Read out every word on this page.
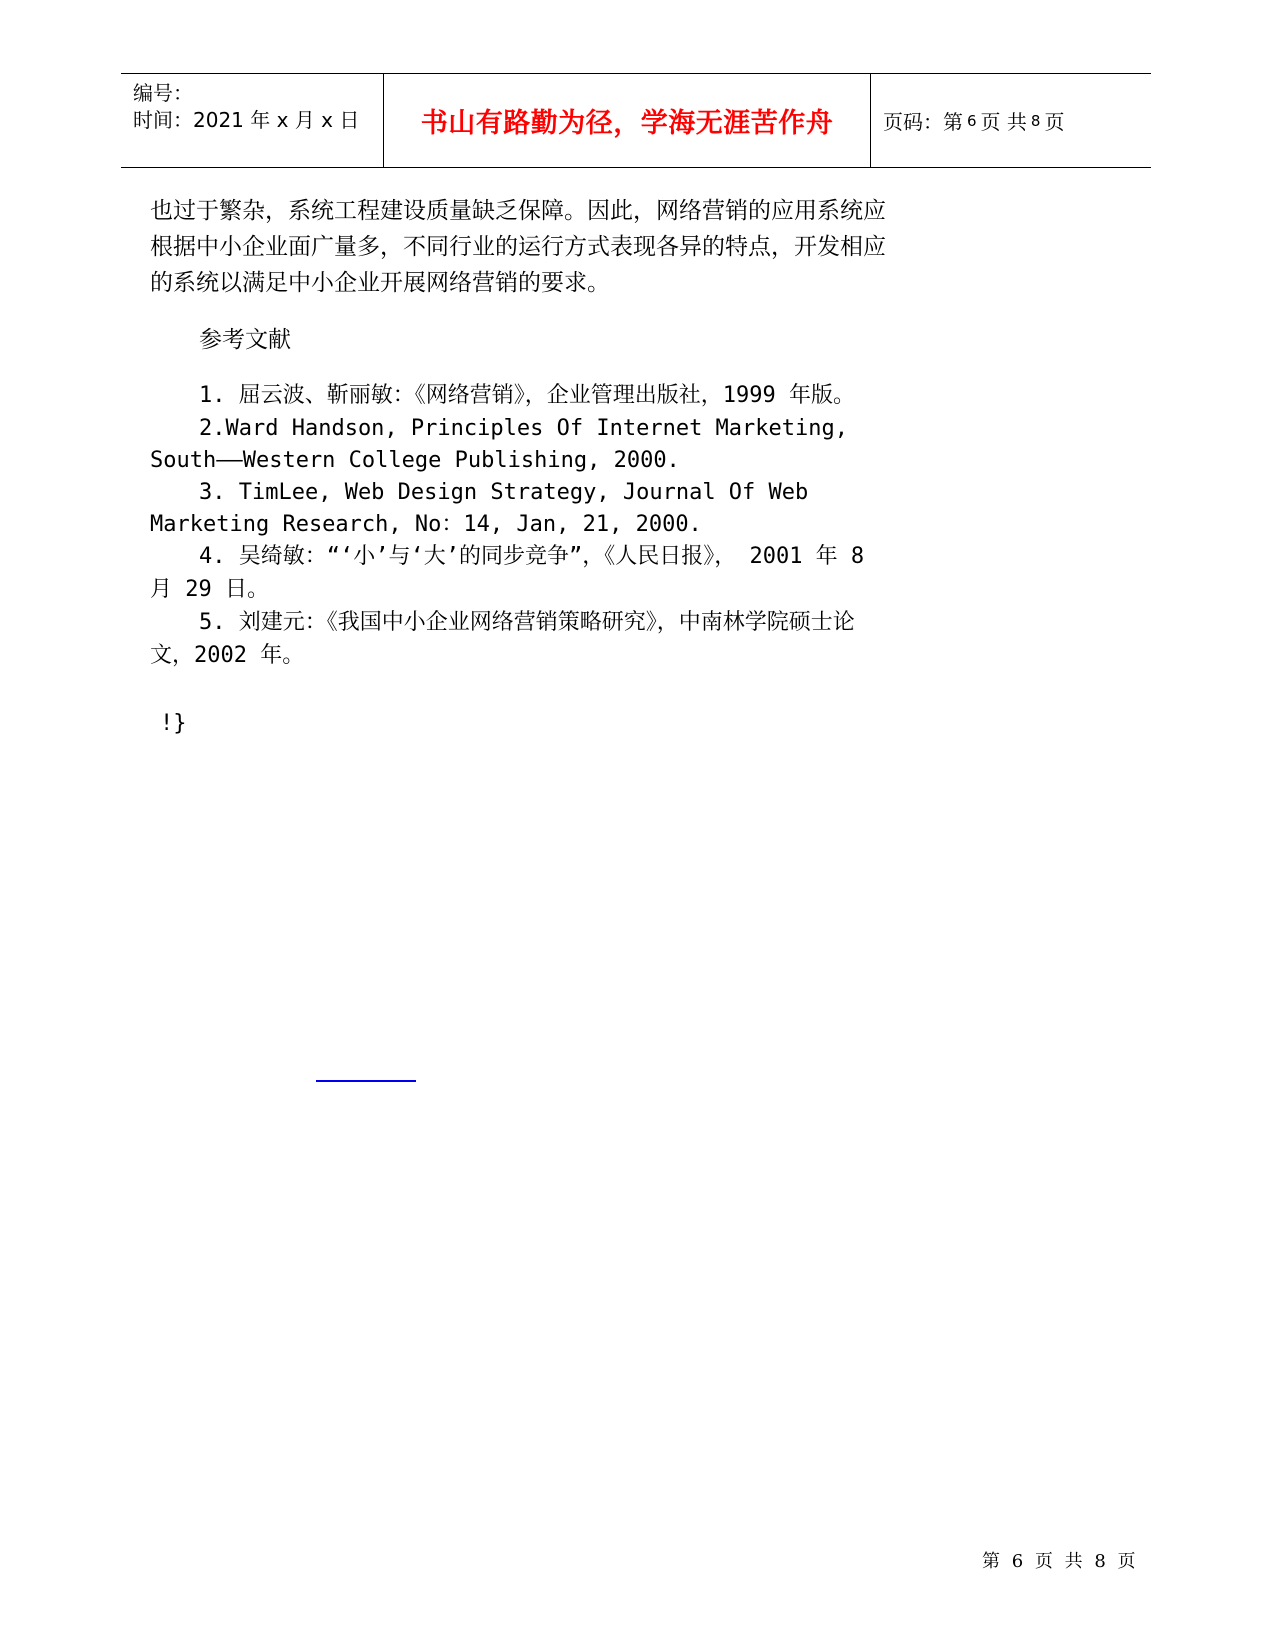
编号：
时间：2021 年 x 月 x 日	书山有路勤为径，学海无涯苦作舟	页码：第 6 页 共 8 页
也过于繁杂，系统工程建设质量缺乏保障。因此，网络营销的应用系统应
根据中小企业面广量多，不同行业的运行方式表现各异的特点，开发相应
的系统以满足中小企业开展网络营销的要求。
参考文献
1. 屈云波、靳丽敏：《网络营销》，企业管理出版社，1999 年版。
2.Ward Handson, Principles Of Internet Marketing,
South——Western College Publishing, 2000.
3. TimLee, Web Design Strategy, Journal Of Web
Marketing Research, No：14, Jan, 21, 2000.
4. 吴绮敏：“‘小’与‘大’的同步竞争”，《人民日报》， 2001 年 8
月 29 日。
5. 刘建元：《我国中小企业网络营销策略研究》，中南林学院硕士论
文，2002 年。
!}
第 6 页 共 8 页
